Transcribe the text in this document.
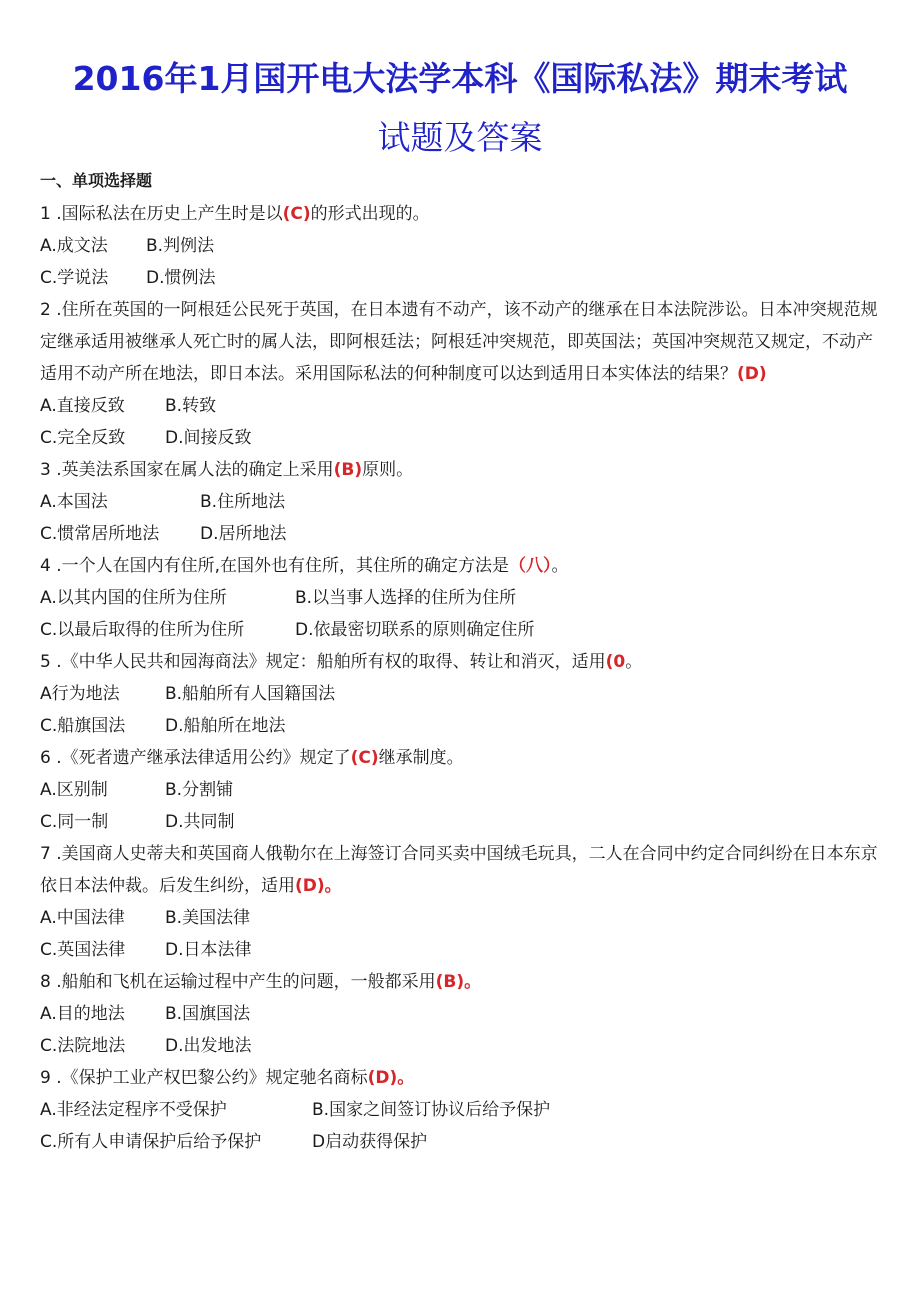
2016年1月国开电大法学本科《国际私法》期末考试
试题及答案
一、单项选择题
1 .国际私法在历史上产生时是以(C)的形式出现的。
A.成文法 B.判例法
C.学说法 D.惯例法
2 .住所在英国的一阿根廷公民死于英国，在日本遗有不动产，该不动产的继承在日本法院涉讼。日本冲突规范规定继承适用被继承人死亡时的属人法，即阿根廷法；阿根廷冲突规范，即英国法；英国冲突规范又规定，不动产适用不动产所在地法，即日本法。采用国际私法的何种制度可以达到适用日本实体法的结果？(D)
A.直接反致 B.转致
C.完全反致 D.间接反致
3 .英美法系国家在属人法的确定上采用(B)原则。
A.本国法	B.住所地法
C.惯常居所地法 D.居所地法
4 .一个人在国内有住所,在国外也有住所，其住所的确定方法是（八）。
A.以其内国的住所为住所	B.以当事人选择的住所为住所
C.以最后取得的住所为住所	D.依最密切联系的原则确定住所
5 .《中华人民共和园海商法》规定：船舶所有权的取得、转让和消灭，适用(0。
A行为地法	B.船舶所有人国籍国法
C.船旗国法 D.船舶所在地法
6 .《死者遗产继承法律适用公约》规定了(C)继承制度。
A.区别制	B.分割铺
C.同一制	D.共同制
7 .美国商人史蒂夫和英国商人俄勒尔在上海签订合同买卖中国绒毛玩具，二人在合同中约定合同纠纷在日本东京依日本法仲裁。后发生纠纷，适用(D)。
A.中国法律 B.美国法律
C.英国法律 D.日本法律
8 .船舶和飞机在运输过程中产生的问题，一般都采用(B)。
A.目的地法 B.国旗国法
C.法院地法 D.出发地法
9 .《保护工业产权巴黎公约》规定驰名商标(D)。
A.非经法定程序不受保护	B.国家之间签订协议后给予保护
C.所有人申请保护后给予保护	D启动获得保护
